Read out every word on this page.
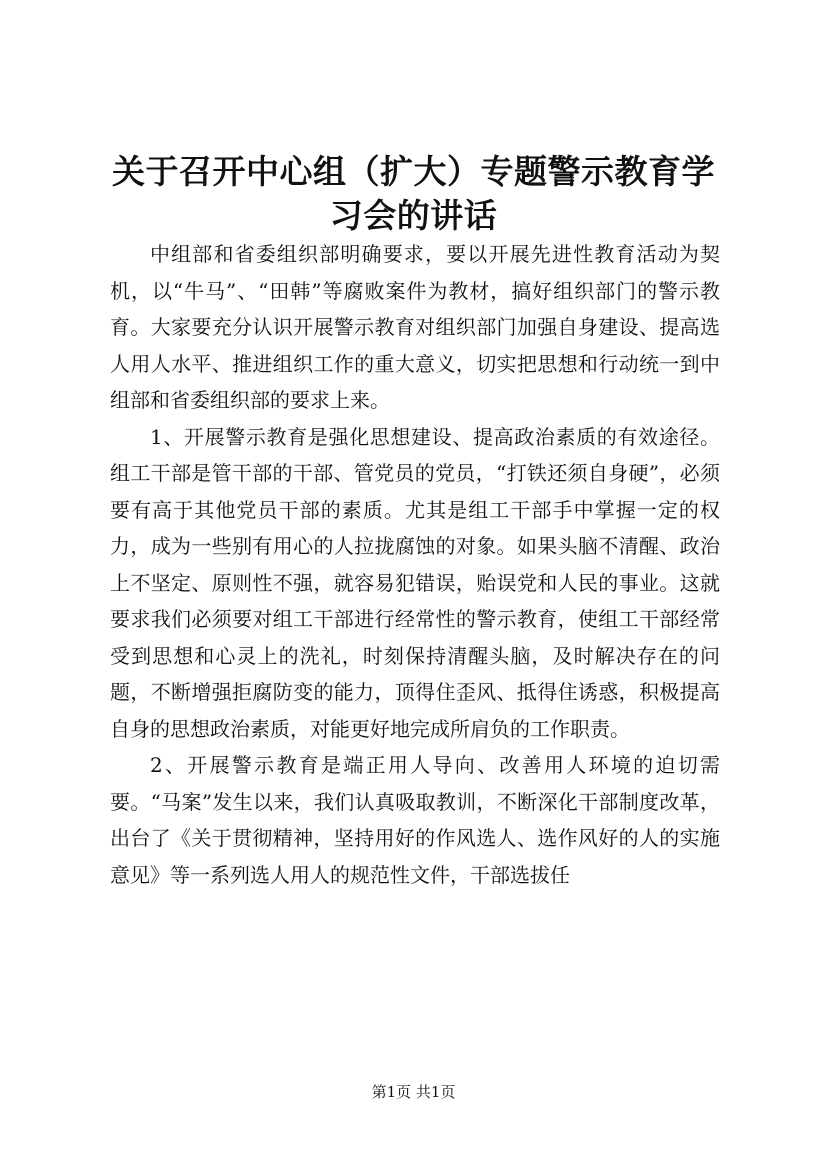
关于召开中心组（扩大）专题警示教育学习会的讲话

中组部和省委组织部明确要求，要以开展先进性教育活动为契机，以“牛马”、“田韩”等腐败案件为教材，搞好组织部门的警示教育。大家要充分认识开展警示教育对组织部门加强自身建设、提高选人用人水平、推进组织工作的重大意义，切实把思想和行动统一到中组部和省委组织部的要求上来。

1、开展警示教育是强化思想建设、提高政治素质的有效途径。组工干部是管干部的干部、管党员的党员，“打铁还须自身硬”，必须要有高于其他党员干部的素质。尤其是组工干部手中掌握一定的权力，成为一些别有用心的人拉拢腐蚀的对象。如果头脑不清醒、政治上不坚定、原则性不强，就容易犯错误，贻误党和人民的事业。这就要求我们必须要对组工干部进行经常性的警示教育，使组工干部经常受到思想和心灵上的洗礼，时刻保持清醒头脑，及时解决存在的问题，不断增强拒腐防变的能力，顶得住歪风、抵得住诱惑，积极提高自身的思想政治素质，对能更好地完成所肩负的工作职责。

2、开展警示教育是端正用人导向、改善用人环境的迫切需要。“马案”发生以来，我们认真吸取教训，不断深化干部制度改革，出台了《关于贯彻精神，坚持用好的作风选人、选作风好的人的实施意见》等一系列选人用人的规范性文件，干部选拔任

第1页 共1页
